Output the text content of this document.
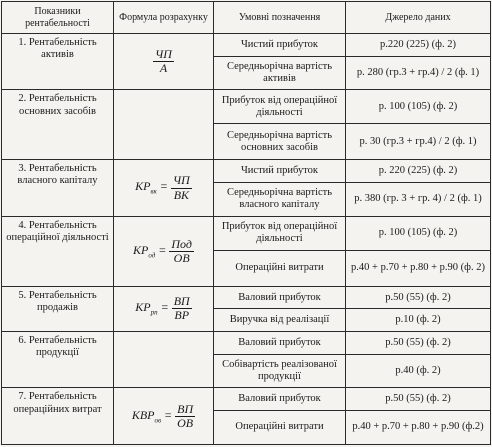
Показники рентабельності	Формула розрахунку	Умовні позначення	Джерело даних
1. Рентабельність активів	$\frac{ЧП}{А}$	Чистий прибуток	р.220 (225) (ф. 2)
		Середньорічна вартість активів	р. 280 (гр.3 + гр.4) / 2 (ф. 1)
2. Рентабельність основних засобів		Прибуток від операційної діяльності	р. 100 (105) (ф. 2)
		Середньорічна вартість основних засобів	р. 30 (гр.3 + гр.4) / 2 (ф. 1)
3. Рентабельність власного капіталу	$КР_{вк} = \frac{ЧП}{ВК}$	Чистий прибуток	р. 220 (225) (ф. 2)
		Середньорічна вартість власного капіталу	р. 380 (гр. 3 + гр. 4) / 2 (ф. 1)
4. Рентабельність операційної діяльності	$КР_{од} = \frac{\text{Под}}{ОВ}$	Прибуток від операційної діяльності	р. 100 (105) (ф. 2)
		Операційні витрати	р.40 + р.70 + р.80 + р.90 (ф. 2)
5. Рентабельність продажів	$КР_{рп} = \frac{ВП}{ВР}$	Валовий прибуток	р.50 (55) (ф. 2)
		Виручка від реалізації	р.10 (ф. 2)
6. Рентабельність продукції		Валовий прибуток	р.50 (55) (ф. 2)
		Собівартість реалізованої продукції	р.40 (ф. 2)
7. Рентабельність операційних витрат	$КВР_{ов} = \frac{ВП}{ОВ}$	Валовий прибуток	р.50 (55) (ф. 2)
		Операційні витрати	р.40 + р.70 + р.80 + р.90 (ф.2)
